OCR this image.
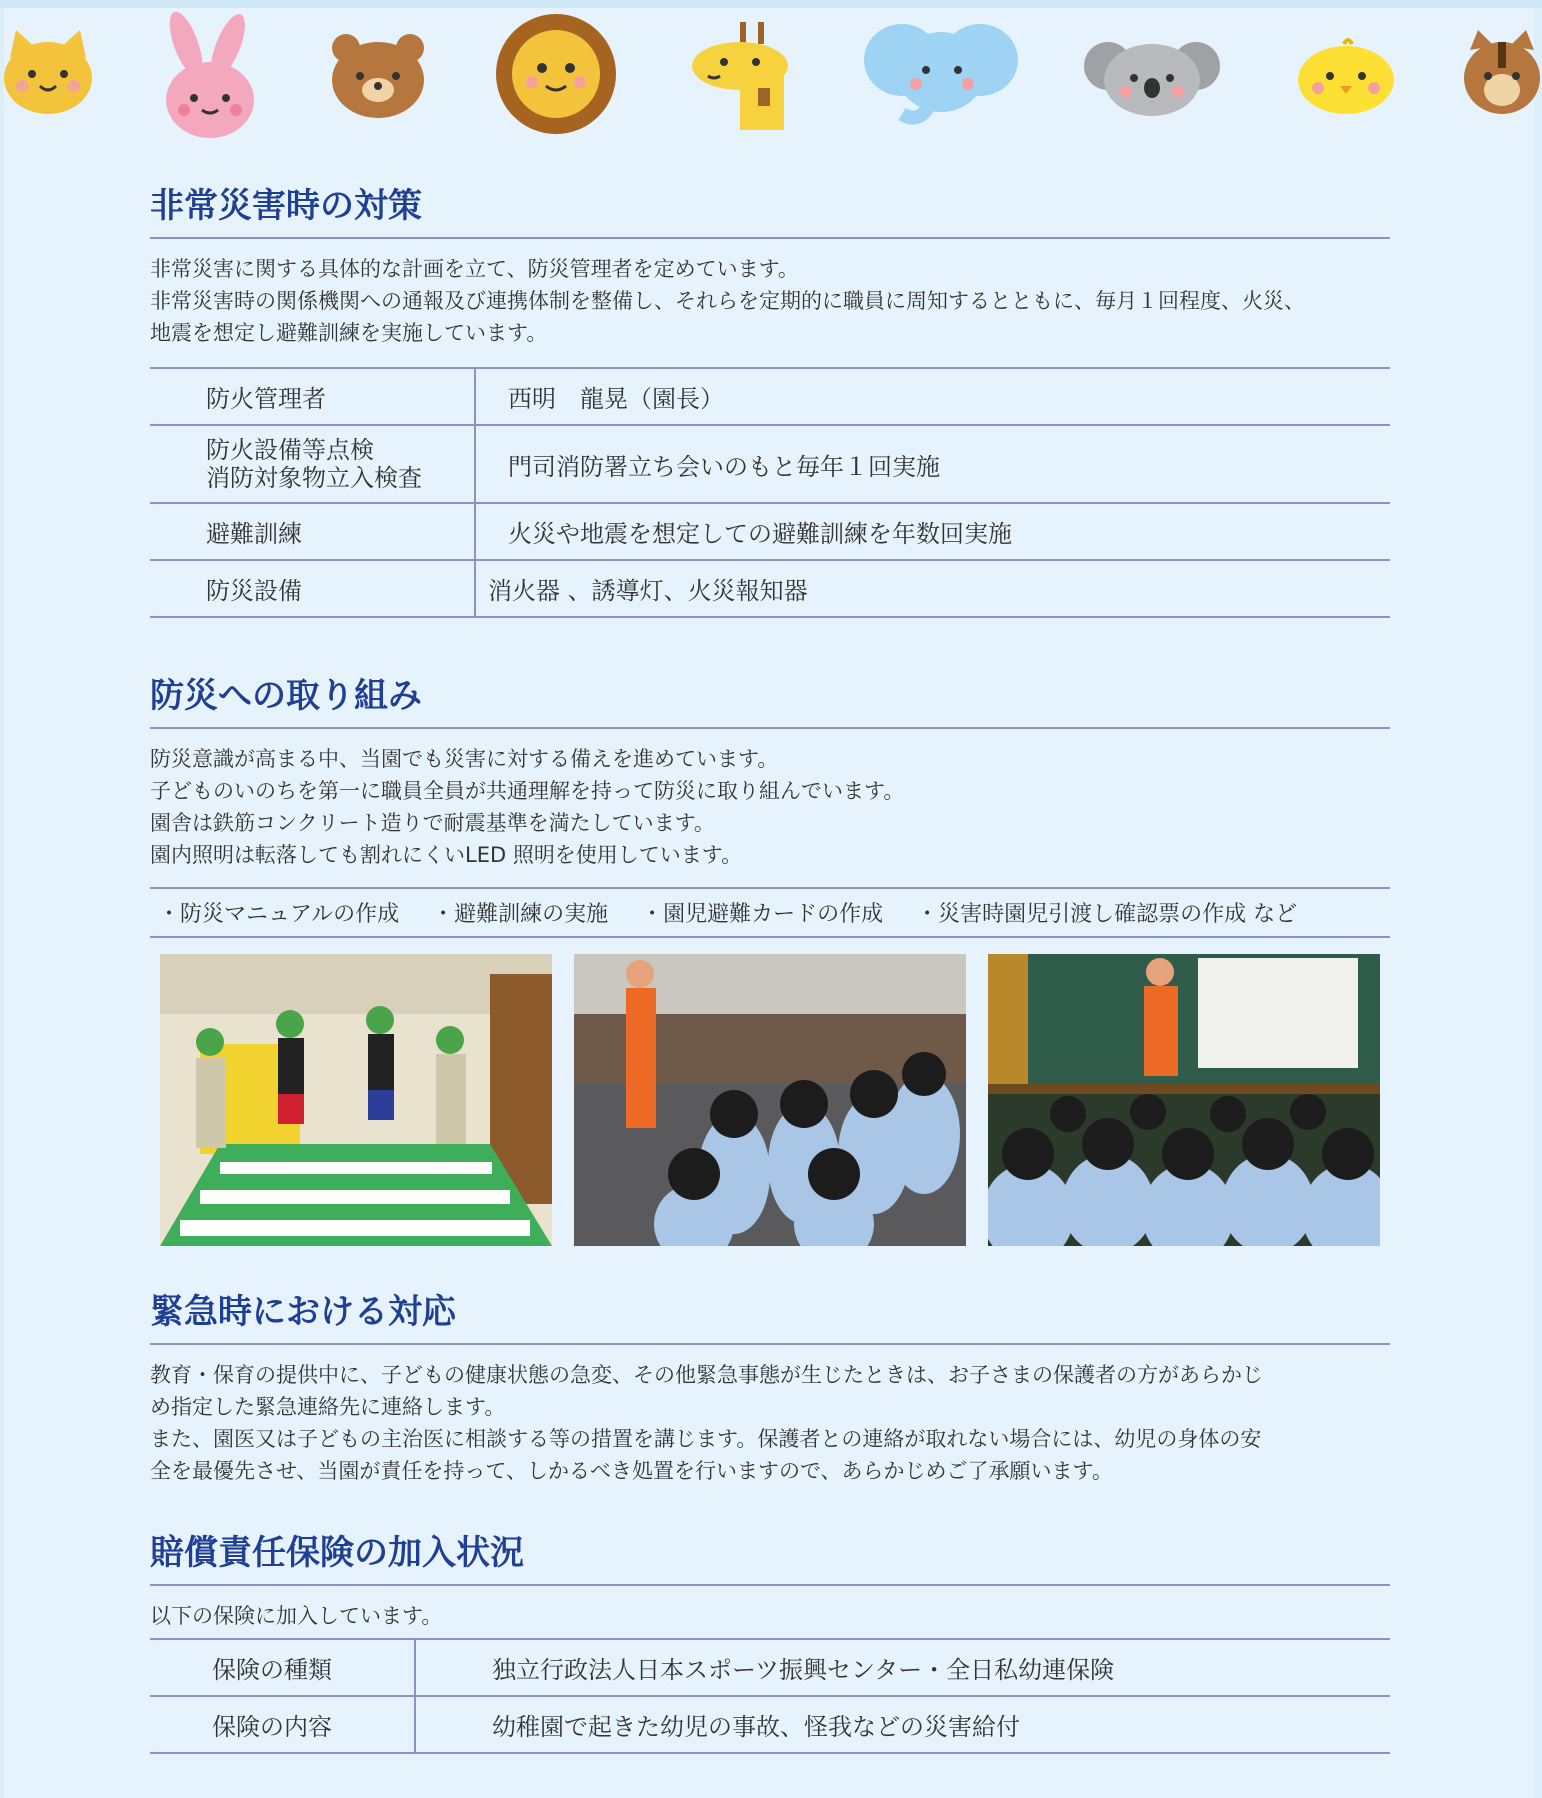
非常災害時の対策

非常災害に関する具体的な計画を立て、防災管理者を定めています。
非常災害時の関係機関への通報及び連携体制を整備し、それらを定期的に職員に周知するとともに、毎月１回程度、火災、
地震を想定し避難訓練を実施しています。

防火管理者	西明　龍晃（園長）
防火設備等点検
消防対象物立入検査	門司消防署立ち会いのもと毎年１回実施
避難訓練	火災や地震を想定しての避難訓練を年数回実施
防災設備	消火器 、誘導灯、火災報知器
防災への取り組み

防災意識が高まる中、当園でも災害に対する備えを進めています。
子どものいのちを第一に職員全員が共通理解を持って防災に取り組んでいます。
園舎は鉄筋コンクリート造りで耐震基準を満たしています。
園内照明は転落しても割れにくいLED 照明を使用しています。

・防災マニュアルの作成 ・避難訓練の実施 ・園児避難カードの作成 ・災害時園児引渡し確認票の作成 など
緊急時における対応

教育・保育の提供中に、子どもの健康状態の急変、その他緊急事態が生じたときは、お子さまの保護者の方があらかじ
め指定した緊急連絡先に連絡します。
また、園医又は子どもの主治医に相談する等の措置を講じます。保護者との連絡が取れない場合には、幼児の身体の安
全を最優先させ、当園が責任を持って、しかるべき処置を行いますので、あらかじめご了承願います。

賠償責任保険の加入状況

以下の保険に加入しています。

保険の種類	独立行政法人日本スポーツ振興センター・全日私幼連保険
保険の内容	幼稚園で起きた幼児の事故、怪我などの災害給付
